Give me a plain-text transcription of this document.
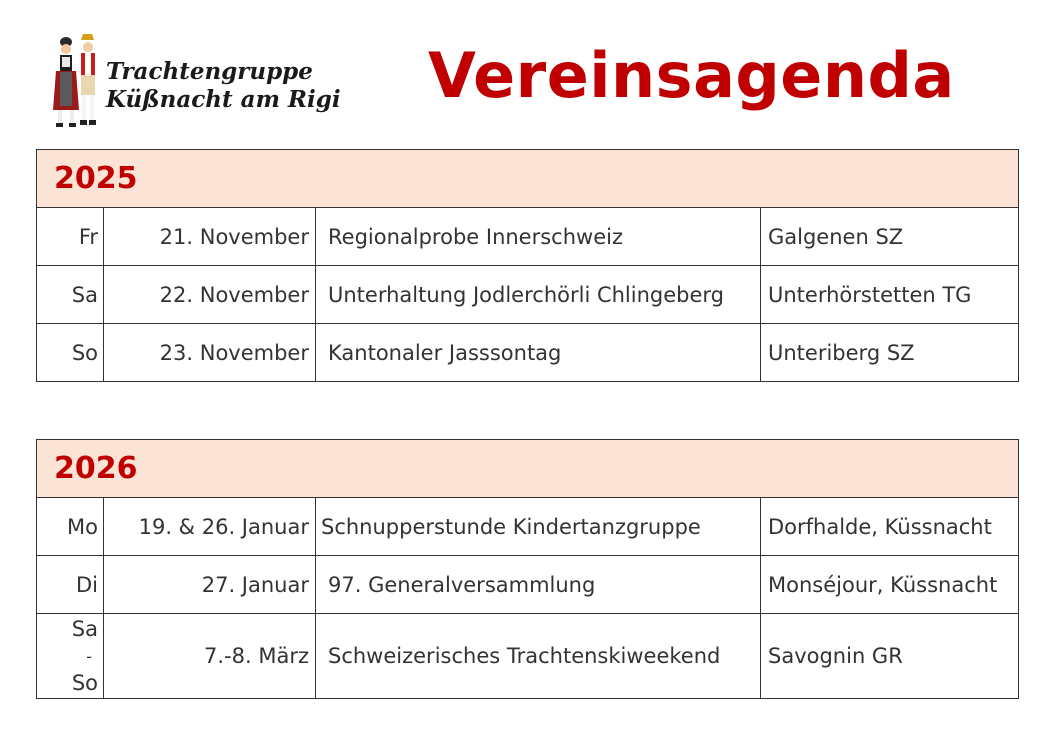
Trachtengruppe
Küßnacht am Rigi Vereinsagenda
2025			
Fr	21. November	Regionalprobe Innerschweiz	Galgenen SZ
Sa	22. November	Unterhaltung Jodlerchörli Chlingeberg	Unterhörstetten TG
So	23. November	Kantonaler Jasssontag	Unteriberg SZ
2026			
Mo	19. & 26. Januar	Schnupperstunde Kindertanzgruppe	Dorfhalde, Küssnacht
Di	27. Januar	97. Generalversammlung	Monséjour, Küssnacht

Sa
-
So	7.-8. März	Schweizerisches Trachtenskiweekend	Savognin GR
